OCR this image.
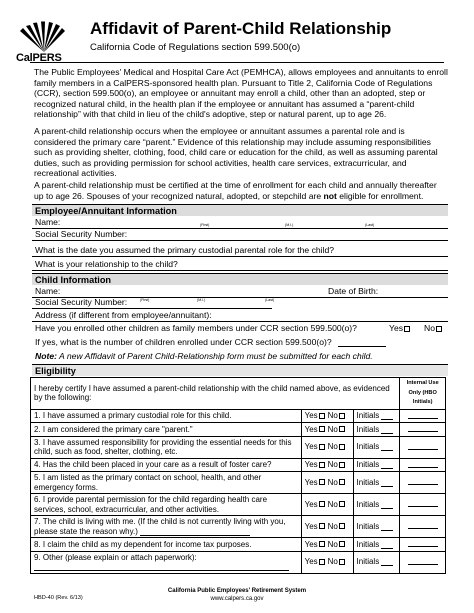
CalPERS
Affidavit of Parent-Child Relationship
California Code of Regulations section 599.500(o)

The Public Employees' Medical and Hospital Care Act (PEMHCA), allows employees and annuitants to enroll family members in a CalPERS-sponsored health plan. Pursuant to Title 2, California Code of Regulations (CCR), section 599.500(o), an employee or annuitant may enroll a child, other than an adopted, step or recognized natural child, in the health plan if the employee or annuitant has assumed a “parent-child relationship” with that child in lieu of the child's adoptive, step or natural parent, up to age 26.

A parent-child relationship occurs when the employee or annuitant assumes a parental role and is considered the primary care “parent.” Evidence of this relationship may include assuming responsibilities such as providing shelter, clothing, food, child care or education for the child, as well as assuming parental duties, such as providing permission for school activities, health care services, extracurricular, and recreational activities.

A parent-child relationship must be certified at the time of enrollment for each child and annually thereafter up to age 26. Spouses of your recognized natural, adopted, or stepchild are not eligible for enrollment.

Employee/Annuitant Information
Name:	(First)	(M.I.)	(Last)
Social Security Number:
What is the date you assumed the primary custodial parental role for the child?
What is your relationship to the child?
Child Information
Name:	Date of Birth:
(First)	(M.I.)	(Last)
Social Security Number:
Address (if different from employee/annuitant):
Have you enrolled other children as family members under CCR section 599.500(o)?	Yes	No
If yes, what is the number of children enrolled under CCR section 599.500(o)?
Note: A new Affidavit of Parent Child-Relationship form must be submitted for each child.
Eligibility
I hereby certify I have assumed a parent-child relationship with the child named above, as evidenced by the following:			Internal Use Only (HBO Initials)
1. I have assumed a primary custodial role for this child.	Yes No	Initials	
2. I am considered the primary care "parent."	Yes No	Initials	
3. I have assumed responsibility for providing the essential needs for this child, such as food, shelter, clothing, etc.	Yes No	Initials	
4. Has the child been placed in your care as a result of foster care?	Yes No	Initials	
5. I am listed as the primary contact on school, health, and other emergency forms.	Yes No	Initials	
6. I provide parental permission for the child regarding health care services, school, extracurricular, and other activities.	Yes No	Initials	
7. The child is living with me. (If the child is not currently living with you, please state the reason why.)	Yes No	Initials	
8. I claim the child as my dependent for income tax purposes.	Yes No	Initials	
9. Other (please explain or attach paperwork):	Yes No	Initials	
HBD-40 (Rev. 6/13)
California Public Employees' Retirement System
www.calpers.ca.gov
